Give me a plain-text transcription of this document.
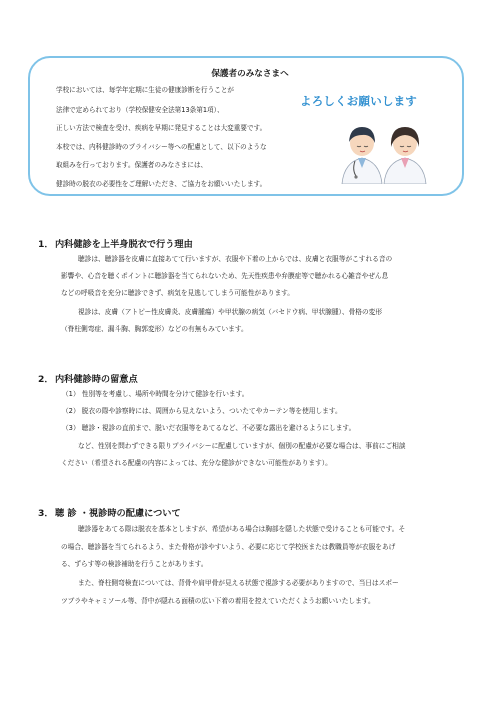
保護者のみなさまへ
学校においては、毎学年定期に生徒の健康診断を行うことが
法律で定められており（学校保健安全法第13条第1項）、
正しい方法で検査を受け、疾病を早期に発見することは大変重要です。
本校では、内科健診時のプライバシー等への配慮として、以下のような
取組みを行っております。保護者のみなさまには、
健診時の脱衣の必要性をご理解いただき、ご協力をお願いいたします。
よろしくお願いします
1．内科健診を上半身脱衣で行う理由
聴診は、聴診器を皮膚に直接あてて行いますが、衣服や下着の上からでは、皮膚と衣服等がこすれる音の
影響や、心音を聴くポイントに聴診器を当てられないため、先天性疾患や弁膜症等で聴かれる心雑音やぜん息
などの呼吸音を充分に聴診できず、病気を見逃してしまう可能性があります。
視診は、皮膚（アトピー性皮膚炎、皮膚腫瘍）や甲状腺の病気（バセドウ病、甲状腺腫）、骨格の変形
（脊柱側弯症、漏斗胸、胸郭変形）などの有無もみています。
2．内科健診時の留意点
（1） 性別等を考慮し、場所や時間を分けて健診を行います。
（2） 脱衣の際や診察時には、周囲から見えないよう、ついたてやカーテン等を使用します。
（3） 聴診・視診の直前まで、脱いだ衣服等をあてるなど、不必要な露出を避けるようにします。
など、性別を問わずできる限りプライバシーに配慮していますが、個別の配慮が必要な場合は、事前にご相談
ください（希望される配慮の内容によっては、充分な健診ができない可能性があります）。
3．聴 診 ・視診時の配慮について
聴診器をあてる際は脱衣を基本としますが、希望がある場合は胸部を隠した状態で受けることも可能です。そ
の場合、聴診器を当てられるよう、また骨格が診やすいよう、必要に応じて学校医または教職員等が衣服をあげ
る、ずらす等の検診補助を行うことがあります。
また、脊柱側弯検査については、背骨や肩甲骨が見える状態で視診する必要がありますので、当日はスポー
ツブラやキャミソール等、背中が隠れる面積の広い下着の着用を控えていただくようお願いいたします。
